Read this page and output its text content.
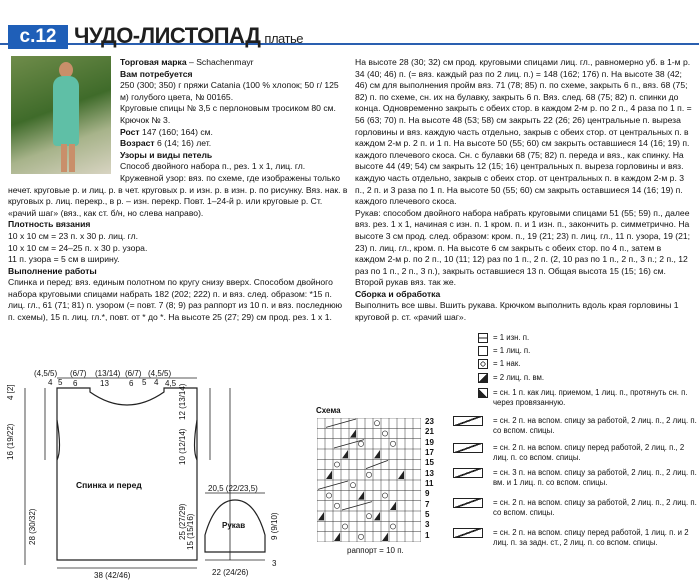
с.12 ЧУДО-ЛИСТОПАД платье

Торговая марка – Schachenmayr

Вам потребуется

250 (300; 350) г пряжи Catania (100 % хлопок; 50 г/ 125 м) голубого цвета, № 00165.

Круговые спицы № 3,5 с перлоновым тросиком 80 см.

Крючок № 3.

Рост 147 (160; 164) см.

Возраст 6 (14; 16) лет.

Узоры и виды петель

Способ двойного набора п., рез. 1 х 1, лиц. гл.

Кружевной узор: вяз. по схеме, где изображены только нечет. круговые р. и лиц. р. в чет. круговых р. и изн. р. в изн. р. по рисунку. Вяз. нак. в круговых р. лиц. перекр., в р. – изн. перекр. Повт. 1–24-й р. или круговые р. Ст. «рачий шаг» (вяз., как ст. б/н, но слева направо).

Плотность вязания

10 х 10 см = 23 п. х 30 р. лиц. гл.

10 х 10 см = 24–25 п. х 30 р. узора.

11 п. узора = 5 см в ширину.

Выполнение работы

Спинка и перед: вяз. единым полотном по кругу снизу вверх. Способом двойного набора круговыми спицами набрать 182 (202; 222) п. и вяз. след. образом: *15 п. лиц. гл., 61 (71; 81) п. узором (= повт. 7 (8; 9) раз раппорт из 10 п. и вяз. последнюю п. схемы), 15 п. лиц. гл.*, повт. от * до *. На высоте 25 (27; 29) см прод. рез. 1 х 1.

На высоте 28 (30; 32) см прод. круговыми спицами лиц. гл., равномерно уб. в 1-м р. 34 (40; 46) п. (= вяз. каждый раз по 2 лиц. п.) = 148 (162; 176) п. На высоте 38 (42; 46) см для выполнения пройм вяз. 71 (78; 85) п. по схеме, закрыть 6 п., вяз. 68 (75; 82) п. по схеме, сн. их на булавку, закрыть 6 п. Вяз. след. 68 (75; 82) п. спинки до конца. Одновременно закрыть с обеих стор. в каждом 2-м р. по 2 п., 4 раза по 1 п. = 56 (63; 70) п. На высоте 48 (53; 58) см закрыть 22 (26; 26) центральные п. выреза горловины и вяз. каждую часть отдельно, закрыв с обеих стор. от центральных п. в каждом 2-м р. 2 п. и 1 п. На высоте 50 (55; 60) см закрыть оставшиеся 14 (16; 19) п. каждого плечевого скоса. Сн. с булавки 68 (75; 82) п. переда и вяз., как спинку. На высоте 44 (49; 54) см закрыть 12 (15; 16) центральных п. выреза горловины и вяз. каждую часть отдельно, закрыв с обеих стор. от центральных п. в каждом 2-м р. 3 п., 2 п. и 3 раза по 1 п. На высоте 50 (55; 60) см закрыть оставшиеся 14 (16; 19) п. каждого плечевого скоса.

Рукав: способом двойного набора набрать круговыми спицами 51 (55; 59) п., далее вяз. рез. 1 х 1, начиная с изн. п. 1 кром. п. и 1 изн. п., закончить р. симметрично. На высоте 3 см прод. след. образом: кром. п., 19 (21; 23) п. лиц. гл., 11 п. узора, 19 (21; 23) п. лиц. гл., кром. п. На высоте 6 см закрыть с обеих стор. по 4 п., затем в каждом 2-м р. по 2 п., 10 (11; 12) раз по 1 п., 2 п. (2, 10 раз по 1 п., 2 п., 3 п.; 2 п., 12 раз по 1 п., 2 п., 3 п.), закрыть оставшиеся 13 п. Общая высота 15 (15; 16) см. Второй рукав вяз. так же.

Сборка и обработка

Выполнить все швы. Вшить рукава. Крючком выполнить вдоль края горловины 1 круговой р. ст. «рачий шаг».

(4,5/5)
4 5
(6/7) (13/14) (6/7)
5 4
(4,5/5)
6	13	6	4,5
4 [2]
16 (19/22)
28 (30/32)
12 (13/14)
10 (12/14)
25 (27/29)
Спинка и перед
38 (42/46)
20,5 (22/23,5)
Рукав
15 (15/16)	9 (9/10)
22 (24/26)
3
Схема
23
21
19
17
15
13
11
9
7
5
3
1
раппорт = 10 п.
= 1 изн. п.
= 1 лиц. п.
= 1 нак.
= 2 лиц. п. вм.
= сн. 1 п. как лиц. приемом, 1 лиц. п., протянуть сн. п. через провязанную.
= сн. 2 п. на вспом. спицу за работой, 2 лиц. п., 2 лиц. п. со вспом. спицы.
= сн. 2 п. на вспом. спицу перед работой, 2 лиц. п., 2 лиц. п. со вспом. спицы.
= сн. 3 п. на вспом. спицу за работой, 2 лиц. п., 2 лиц. п. вм. и 1 лиц. п. со вспом. спицы.
= сн. 2 п. на вспом. спицу за работой, 2 лиц. п., 2 лиц. п. со вспом. спицы.
= сн. 2 п. на вспом. спицу перед работой, 1 лиц. п. и 2 лиц. п. за задн. ст., 2 лиц. п. со вспом. спицы.
